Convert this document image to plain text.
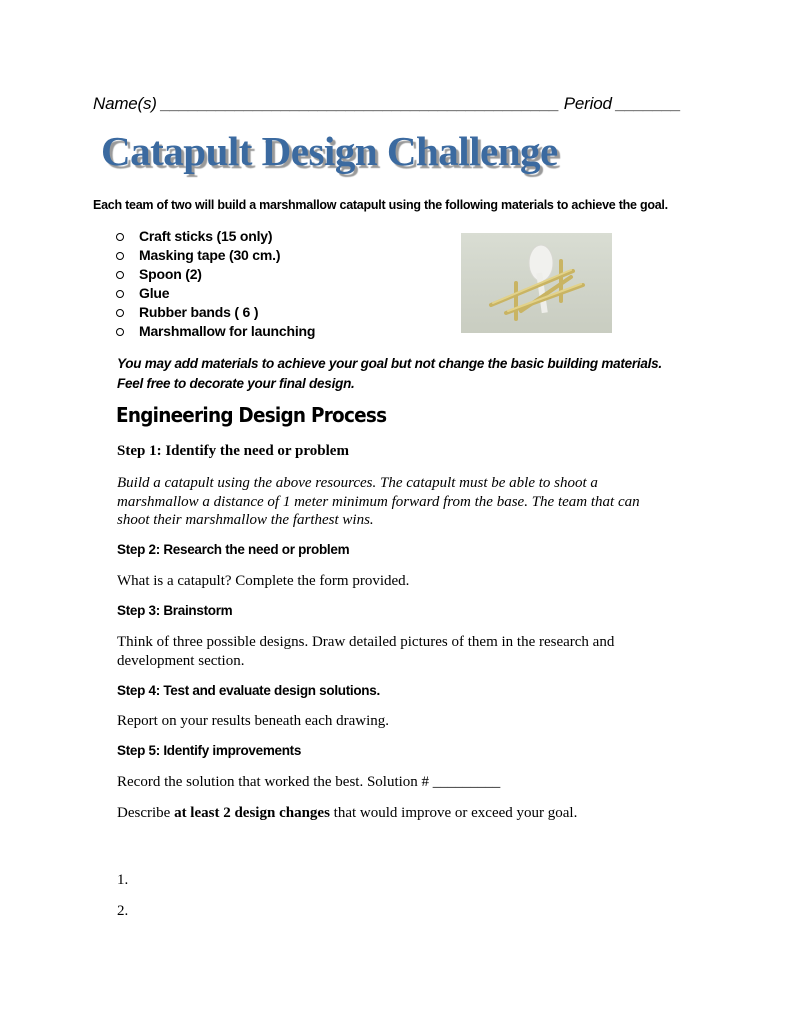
Name(s) ___________________________________________ Period _______
Catapult Design Challenge
Each team of two will build a marshmallow catapult using the following materials to achieve the goal.
Craft sticks (15 only)
Masking tape (30 cm.)
Spoon (2)
Glue
Rubber bands ( 6 )
Marshmallow for launching
You may add materials to achieve your goal but not change the basic building materials.
Feel free to decorate your final design.
Engineering Design Process
Step 1: Identify the need or problem
Build a catapult using the above resources. The catapult must be able to shoot a
marshmallow a distance of 1 meter minimum forward from the base. The team that can
shoot their marshmallow the farthest wins.
Step 2: Research the need or problem
What is a catapult? Complete the form provided.
Step 3: Brainstorm
Think of three possible designs. Draw detailed pictures of them in the research and
development section.
Step 4: Test and evaluate design solutions.
Report on your results beneath each drawing.
Step 5: Identify improvements
Record the solution that worked the best. Solution # _________
Describe at least 2 design changes that would improve or exceed your goal.
1.
2.
